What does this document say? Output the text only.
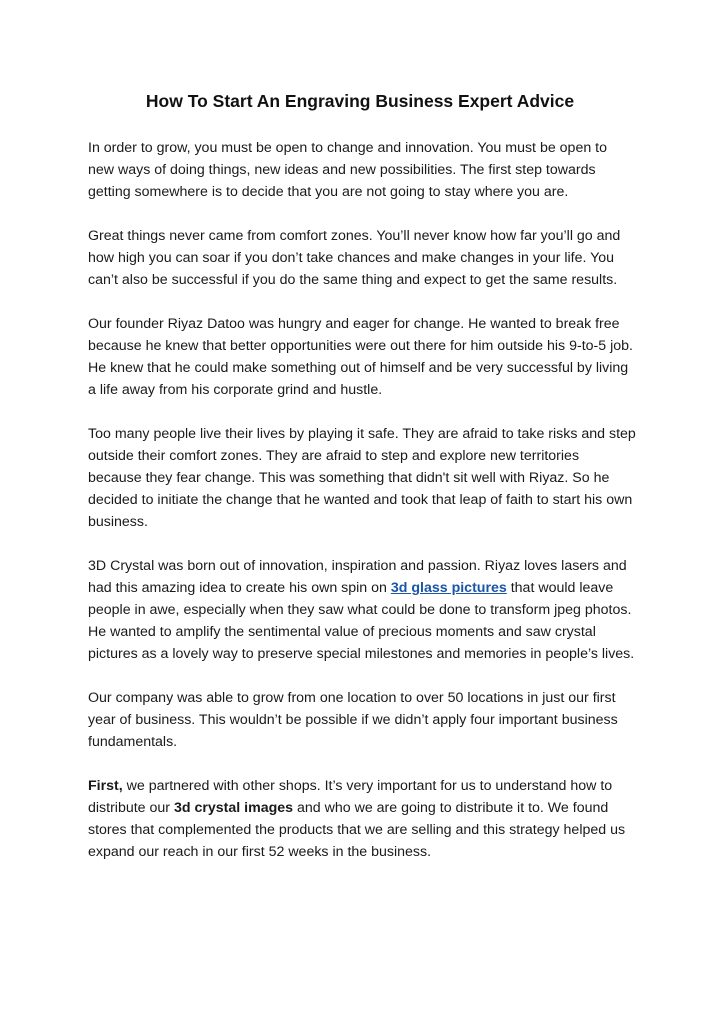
How To Start An Engraving Business Expert Advice

In order to grow, you must be open to change and innovation. You must be open to new ways of doing things, new ideas and new possibilities. The first step towards getting somewhere is to decide that you are not going to stay where you are.

Great things never came from comfort zones. You’ll never know how far you’ll go and how high you can soar if you don’t take chances and make changes in your life. You can’t also be successful if you do the same thing and expect to get the same results.

Our founder Riyaz Datoo was hungry and eager for change. He wanted to break free because he knew that better opportunities were out there for him outside his 9-to-5 job. He knew that he could make something out of himself and be very successful by living a life away from his corporate grind and hustle.

Too many people live their lives by playing it safe. They are afraid to take risks and step outside their comfort zones. They are afraid to step and explore new territories because they fear change. This was something that didn't sit well with Riyaz. So he decided to initiate the change that he wanted and took that leap of faith to start his own business.

3D Crystal was born out of innovation, inspiration and passion. Riyaz loves lasers and had this amazing idea to create his own spin on 3d glass pictures that would leave people in awe, especially when they saw what could be done to transform jpeg photos. He wanted to amplify the sentimental value of precious moments and saw crystal pictures as a lovely way to preserve special milestones and memories in people’s lives.

Our company was able to grow from one location to over 50 locations in just our first year of business. This wouldn’t be possible if we didn’t apply four important business fundamentals.

First, we partnered with other shops. It’s very important for us to understand how to distribute our 3d crystal images and who we are going to distribute it to. We found stores that complemented the products that we are selling and this strategy helped us expand our reach in our first 52 weeks in the business.
